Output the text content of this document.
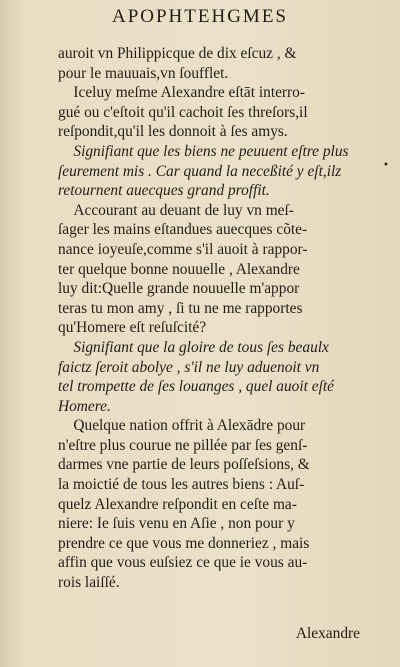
APOPHTEHGMES
auroit vn Philippicque de dix eſcuz , &
pour le mauuais,vn ſoufflet.
 Iceluy meſme Alexandre eſtāt interro-
gué ou c'eſtoit qu'il cachoit ſes threſors,il
reſpondit,qu'il les donnoit à ſes amys.
 Signifiant que les biens ne peuuent eſtre plus
ſeurement mis . Car quand la neceßité y eſt,ilz
retournent auecques grand proffit.
 Accourant au deuant de luy vn meſ-
ſager les mains eſtandues auecques cõte-
nance ioyeuſe,comme s'il auoit à rappor-
ter quelque bonne nouuelle , Alexandre
luy dit:Quelle grande nouuelle m'appor
teras tu mon amy , ſi tu ne me rapportes
qu'Homere eſt reſuſcité?
 Signifiant que la gloire de tous ſes beaulx
faictz ſeroit abolye , s'il ne luy aduenoit vn
tel trompette de ſes louanges , quel auoit eſté
Homere.
 Quelque nation offrit à Alexādre pour
n'eſtre plus courue ne pillée par ſes genſ-
darmes vne partie de leurs poſſeſsions, &
la moictié de tous les autres biens : Auſ-
quelz Alexandre reſpondit en ceſte ma-
niere: Ie ſuis venu en Aſie , non pour y
prendre ce que vous me donneriez , mais
affin que vous euſsiez ce que ie vous au-
rois laiſſé.
•
Alexandre
